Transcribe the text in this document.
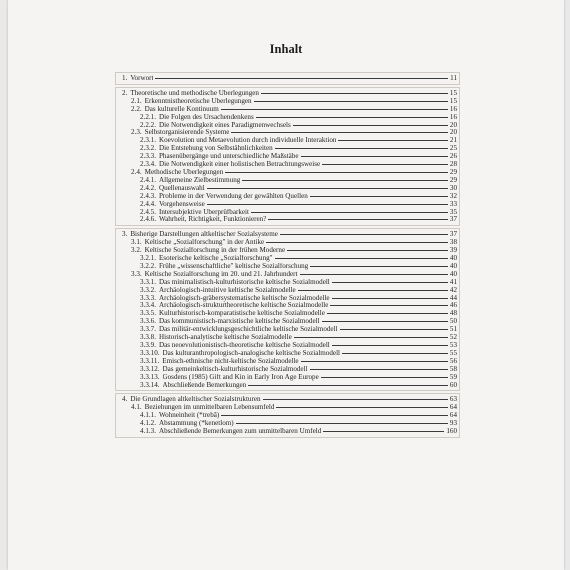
Inhalt
1. Vorwort	11
2. Theoretische und methodische Überlegungen	15
2.1. Erkenntnistheoretische Überlegungen	15
2.2. Das kulturelle Kontinuum	16
2.2.1. Die Folgen des Ursachendenkens	16
2.2.2. Die Notwendigkeit eines Paradigmenwechsels	20
2.3. Selbstorganisierende Systeme	20
2.3.1. Koevolution und Metaevolution durch individuelle Interaktion	21
2.3.2. Die Entstehung von Selbstähnlichkeiten	25
2.3.3. Phasenübergänge und unterschiedliche Maßstäbe	26
2.3.4. Die Notwendigkeit einer holistischen Betrachtungsweise	28
2.4. Methodische Überlegungen	29
2.4.1. Allgemeine Zielbestimmung	29
2.4.2. Quellenauswahl	30
2.4.3. Probleme in der Verwendung der gewählten Quellen	32
2.4.4. Vorgehensweise	33
2.4.5. Intersubjektive Überprüfbarkeit	35
2.4.6. Wahrheit, Richtigkeit, Funktionieren?	37
3. Bisherige Darstellungen altkeltischer Sozialsysteme	37
3.1. Keltische „Sozialforschung" in der Antike	38
3.2. Keltische Sozialforschung in der frühen Moderne	39
3.2.1. Esoterische keltische „Sozialforschung"	40
3.2.2. Frühe „wissenschaftliche" keltische Sozialforschung	40
3.3. Keltische Sozialforschung im 20. und 21. Jahrhundert	40
3.3.1. Das minimalistisch-kulturhistorische keltische Sozialmodell	41
3.3.2. Archäologisch-intuitive keltische Sozialmodelle	42
3.3.3. Archäologisch-gräbersystematische keltische Sozialmodelle	44
3.3.4. Archäologisch-strukturtheoretische keltische Sozialmodelle	46
3.3.5. Kulturhistorisch-komparatistische keltische Sozialmodelle	48
3.3.6. Das kommunistisch-marxistische keltische Sozialmodell	50
3.3.7. Das militär-entwicklungsgeschichtliche keltische Sozialmodell	51
3.3.8. Historisch-analytische keltische Sozialmodelle	52
3.3.9. Das neoevolutionistisch-theoretische keltische Sozialmodell	53
3.3.10. Das kulturanthropologisch-analogische keltische Sozialmodell	55
3.3.11. Emisch-ethnische nicht-keltische Sozialmodelle	56
3.3.12. Das gemeinkeltisch-kulturhistorische Sozialmodell	58
3.3.13. Gosdens (1985) Gift and Kin in Early Iron Age Europe	59
3.3.14. Abschließende Bemerkungen	60
4. Die Grundlagen altkeltischer Sozialstrukturen	63
4.1. Beziehungen im unmittelbaren Lebensumfeld	64
4.1.1. Wohneinheit (*trebā)	64
4.1.2. Abstammung (*kenetlom)	93
4.1.3. Abschließende Bemerkungen zum unmittelbaren Umfeld	160
